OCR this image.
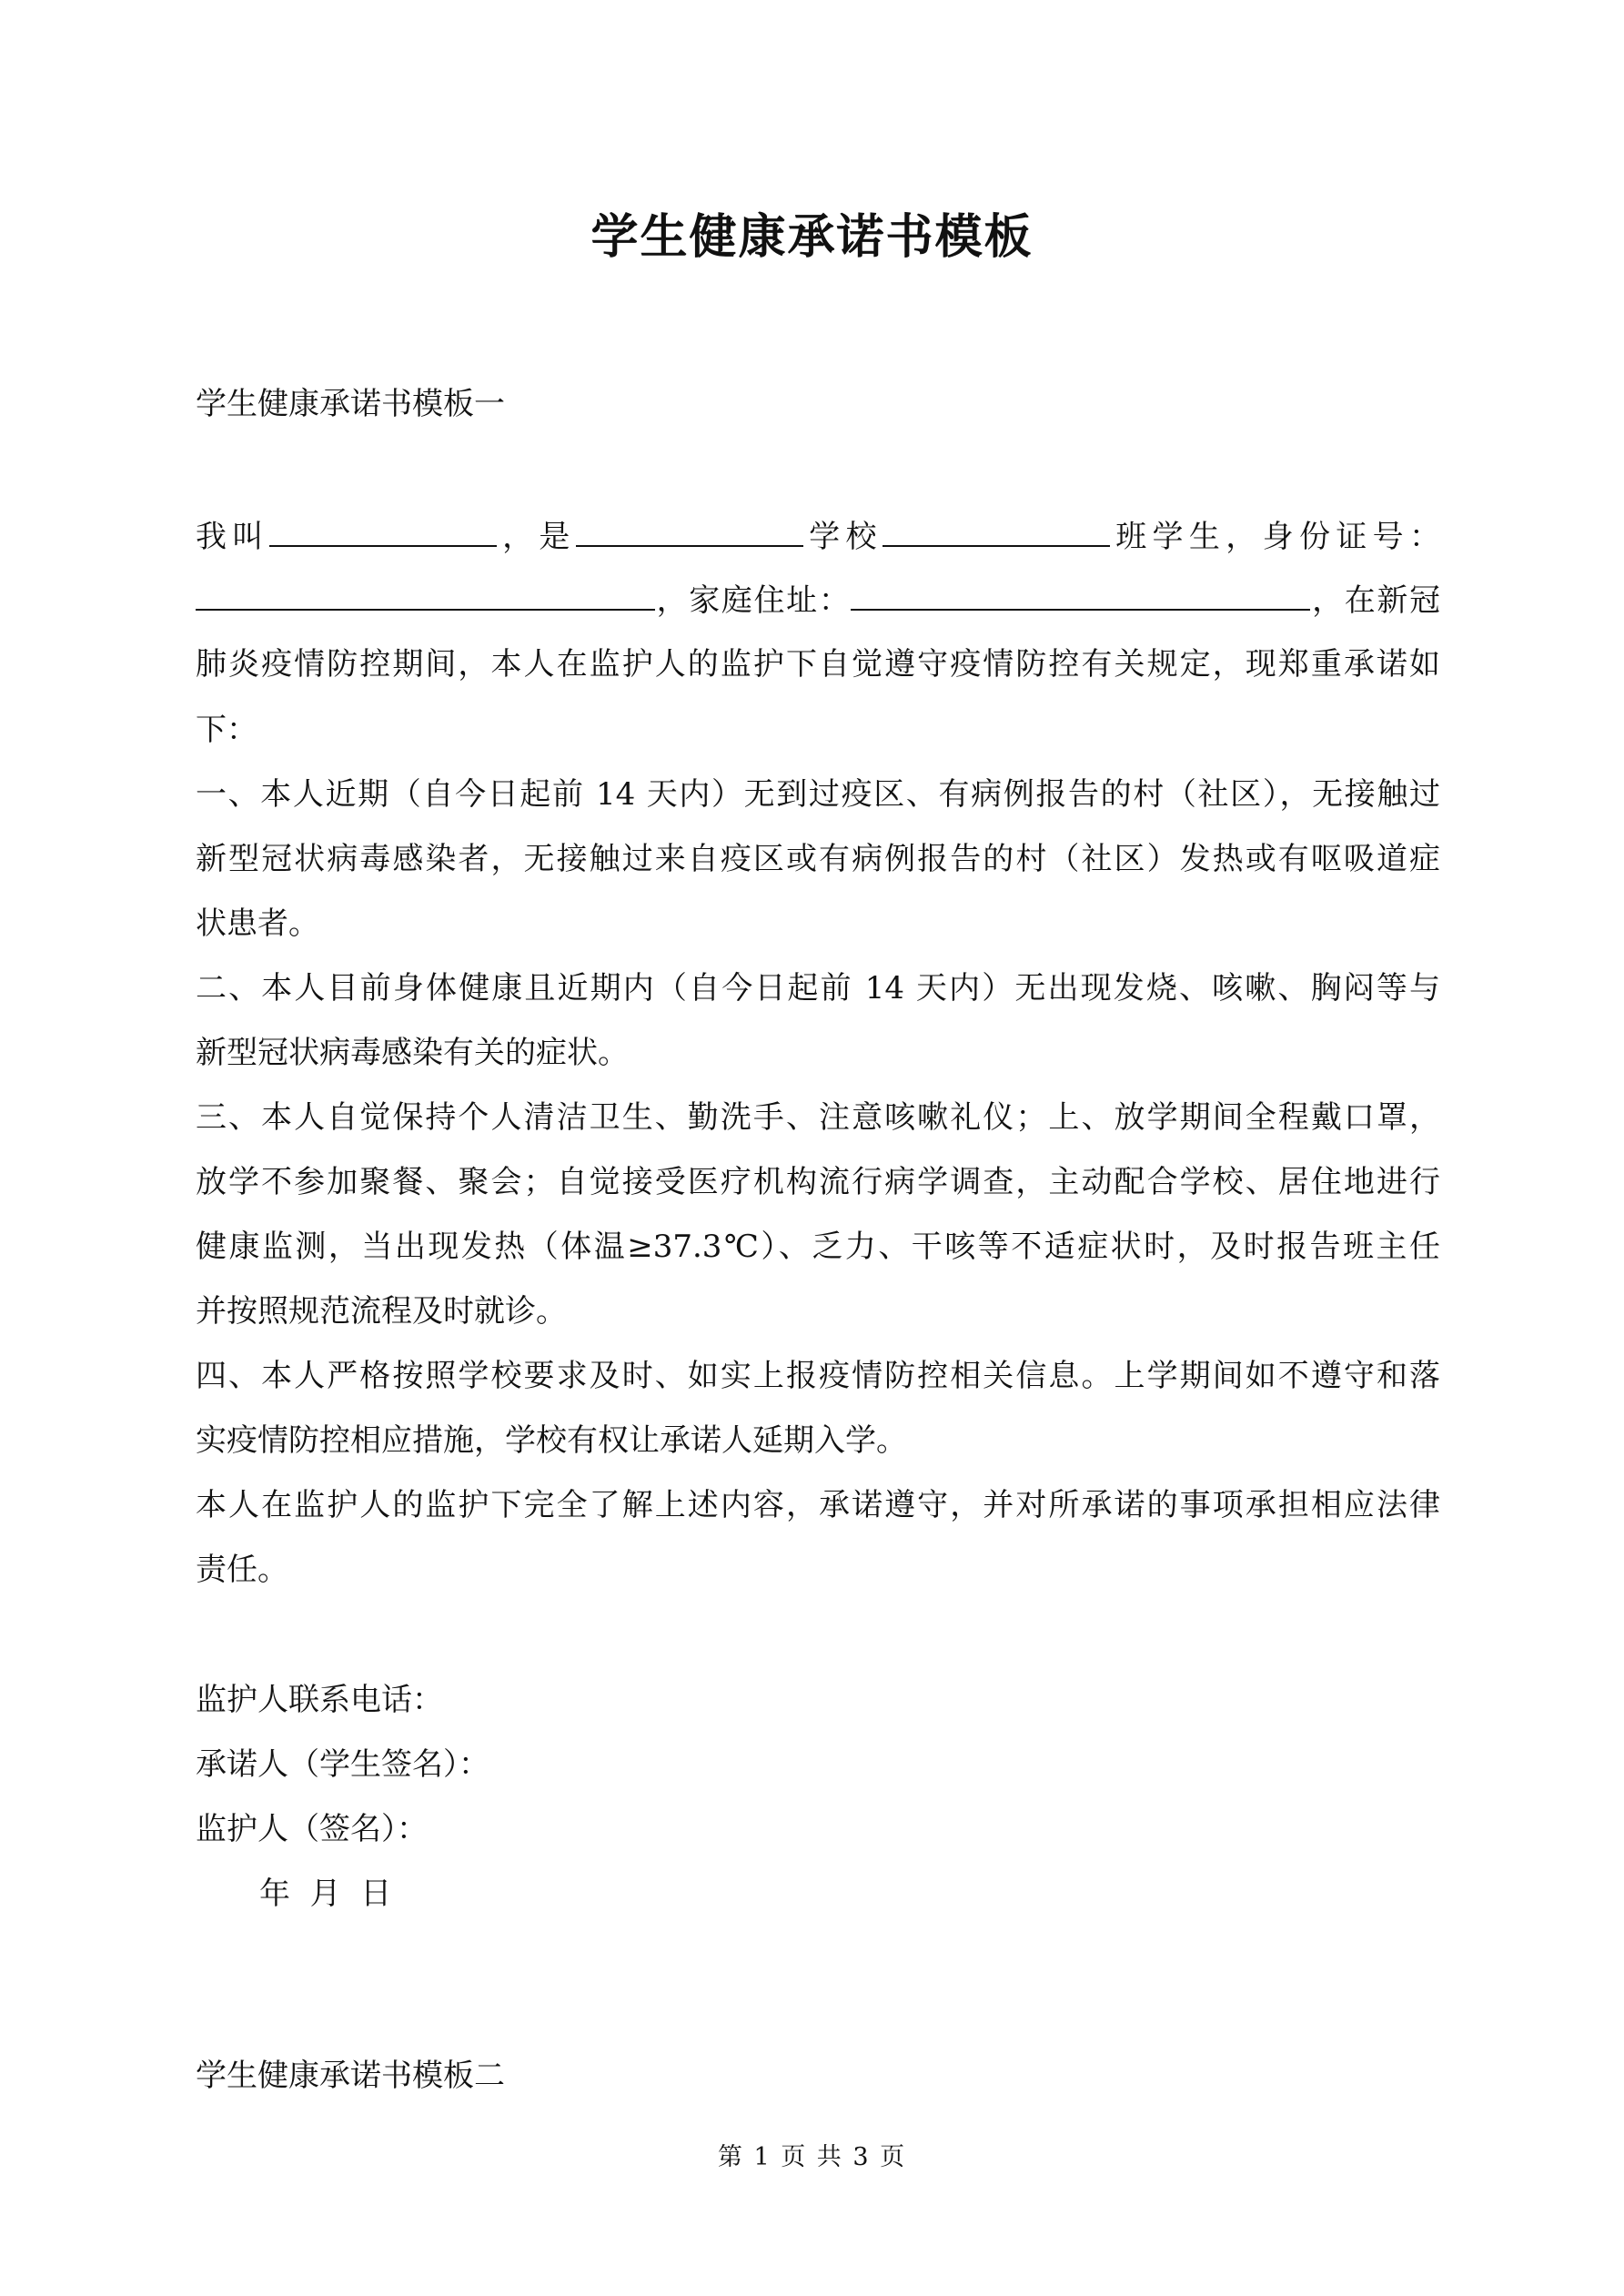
学生健康承诺书模板
学生健康承诺书模板一
我叫	，是	学校	班学生，身份证号：
，家庭住址：	，在新冠
肺炎疫情防控期间，本人在监护人的监护下自觉遵守疫情防控有关规定，现郑重承诺如
下：
一、本人近期（自今日起前 14 天内）无到过疫区、有病例报告的村（社区），无接触过
新型冠状病毒感染者，无接触过来自疫区或有病例报告的村（社区）发热或有呕吸道症
状患者。
二、本人目前身体健康且近期内（自今日起前 14 天内）无出现发烧、咳嗽、胸闷等与
新型冠状病毒感染有关的症状。
三、本人自觉保持个人清洁卫生、勤洗手、注意咳嗽礼仪；上、放学期间全程戴口罩，
放学不参加聚餐、聚会；自觉接受医疗机构流行病学调查，主动配合学校、居住地进行
健康监测，当出现发热（体温≥37.3℃）、乏力、干咳等不适症状时，及时报告班主任
并按照规范流程及时就诊。
四、本人严格按照学校要求及时、如实上报疫情防控相关信息。上学期间如不遵守和落
实疫情防控相应措施，学校有权让承诺人延期入学。
本人在监护人的监护下完全了解上述内容，承诺遵守，并对所承诺的事项承担相应法律
责任。
监护人联系电话：
承诺人（学生签名）：
监护人（签名）：
年  月  日
学生健康承诺书模板二
第 1 页 共 3 页
